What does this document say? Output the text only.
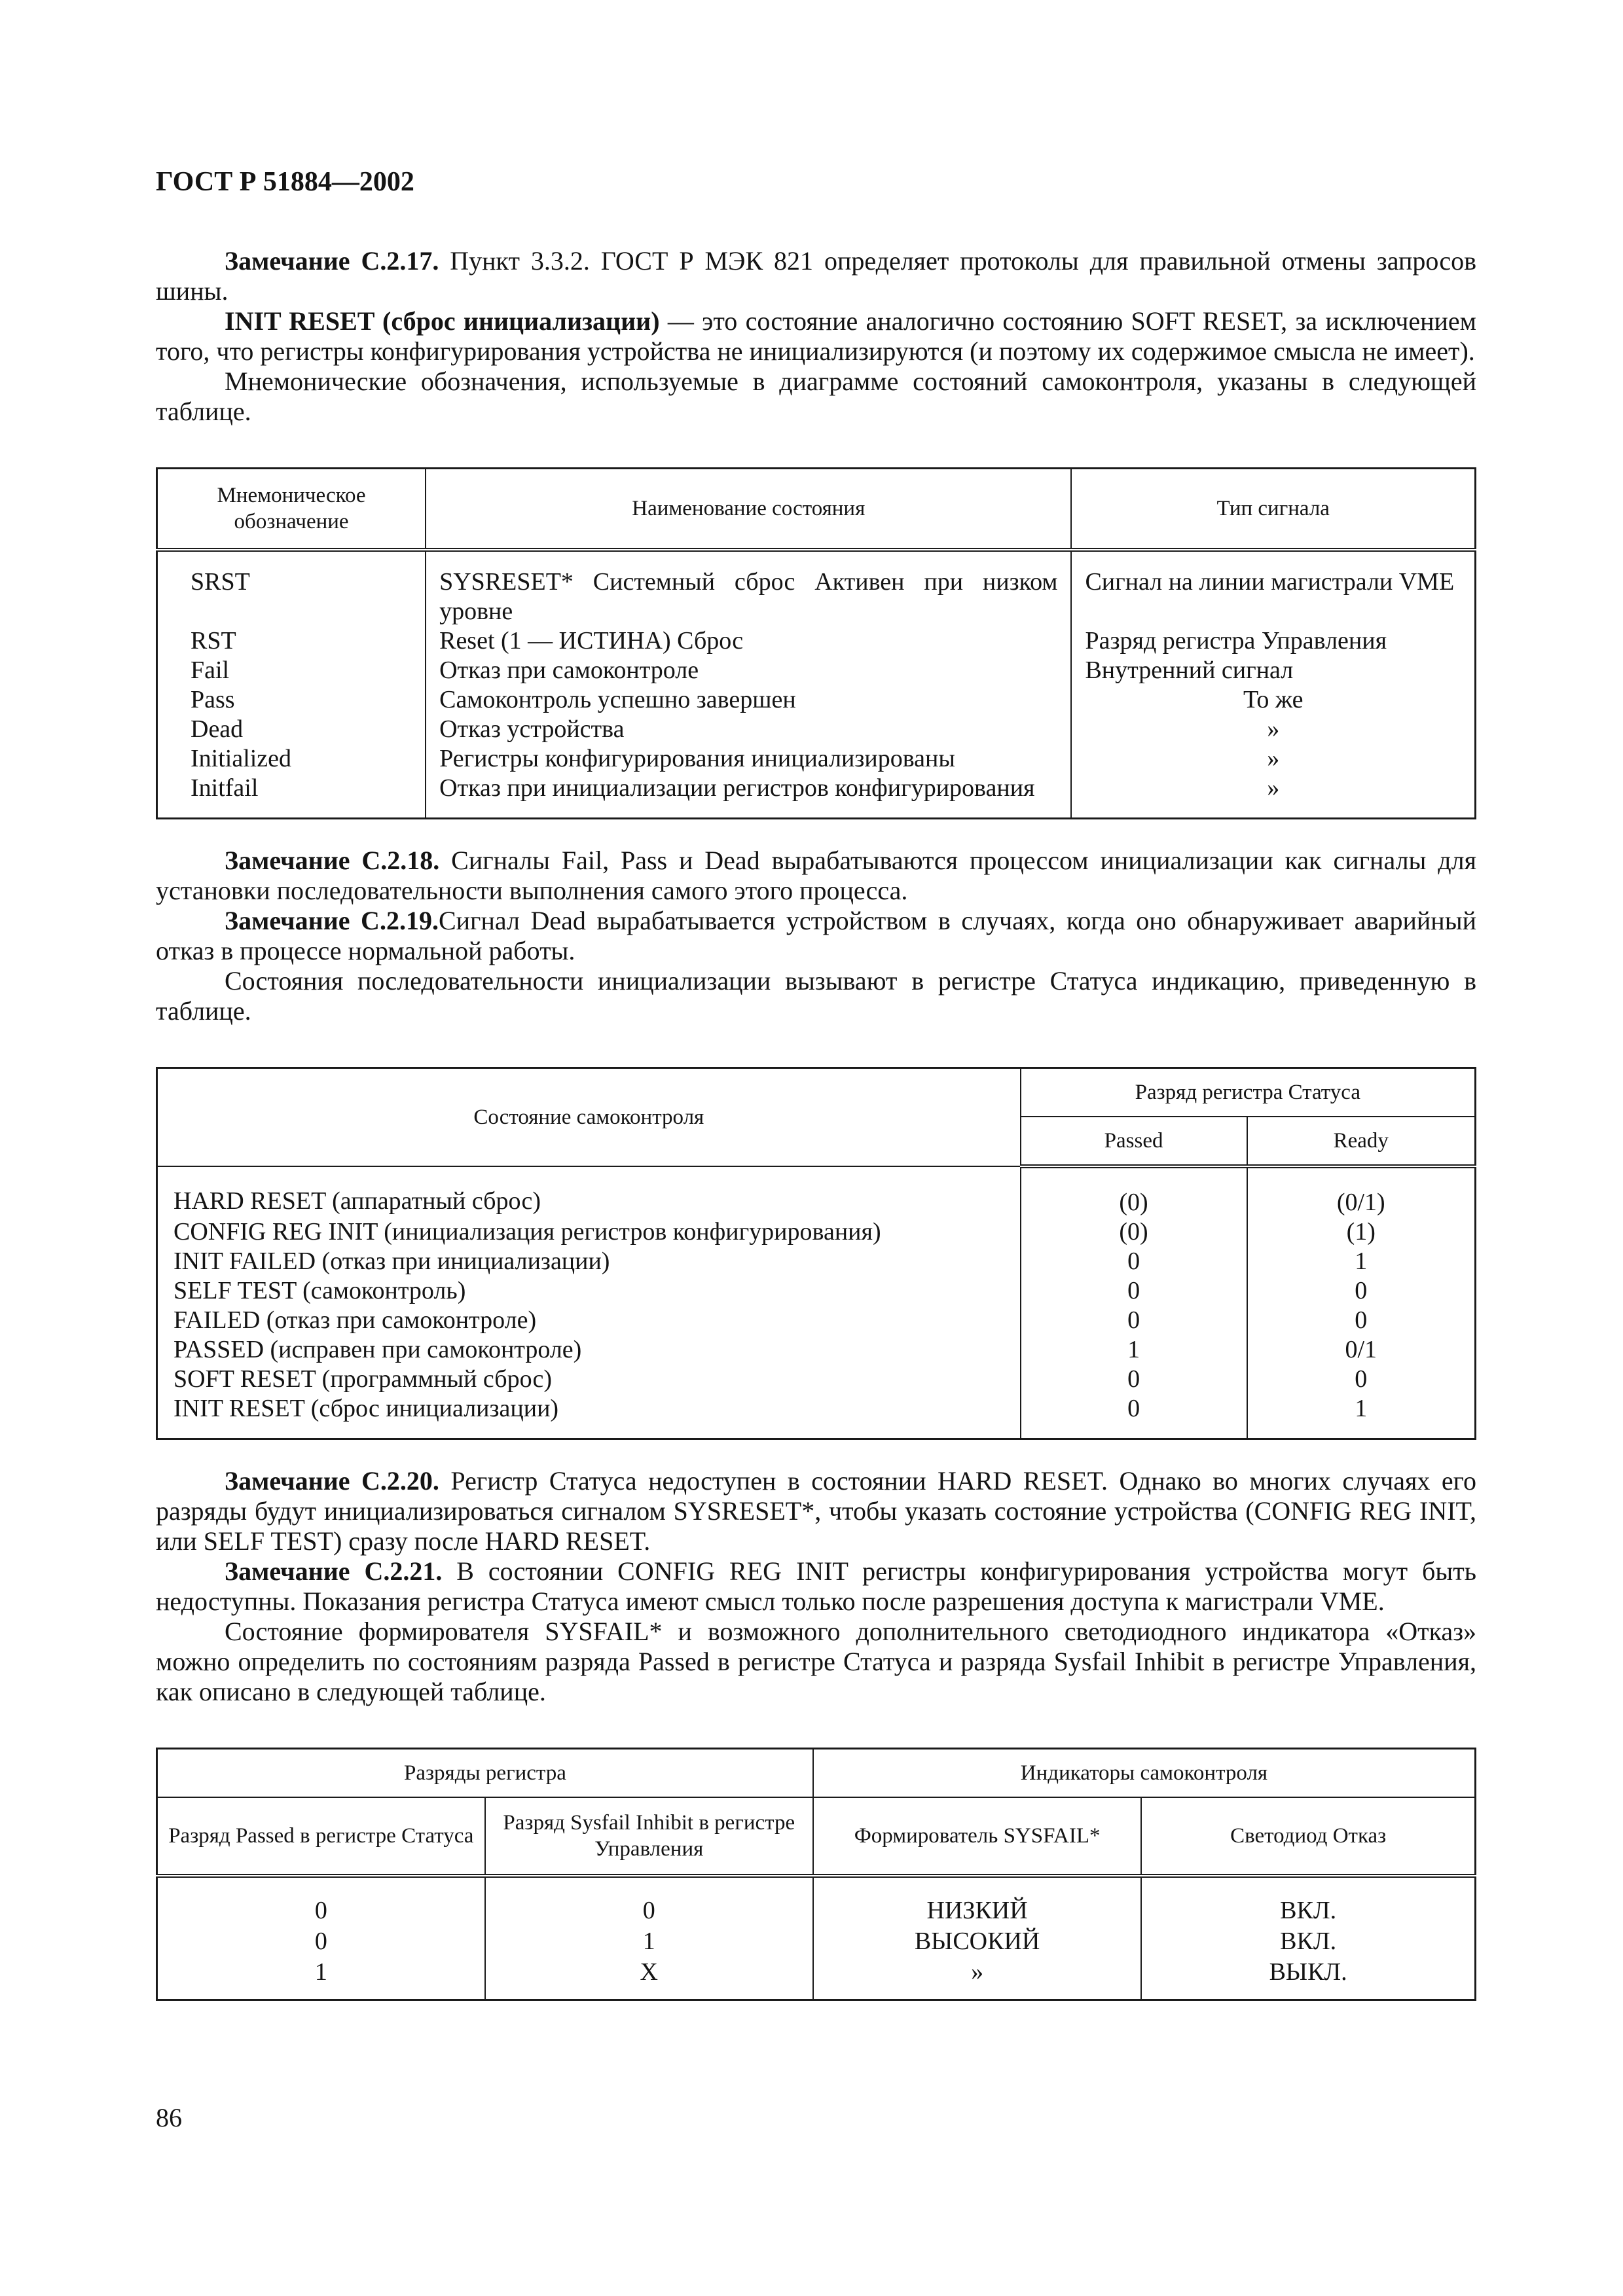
ГОСТ Р 51884—2002

Замечание С.2.17. Пункт 3.3.2. ГОСТ Р МЭК 821 определяет протоколы для правильной отмены запросов шины.

INIT RESET (сброс инициализации) — это состояние аналогично состоянию SOFT RESET, за исключением того, что регистры конфигурирования устройства не инициализируются (и поэтому их содержимое смысла не имеет).

Мнемонические обозначения, используемые в диаграмме состояний самоконтроля, указаны в следующей таблице.

Мнемоническое обозначение	Наименование состояния	Тип сигнала
SRST	SYSRESET* Системный сброс Активен при низком уровне	Сигнал на линии магистрали VME
RST	Reset (1 — ИСТИНА) Сброс	Разряд регистра Управления
Fail	Отказ при самоконтроле	Внутренний сигнал
Pass	Самоконтроль успешно завершен	То же
Dead	Отказ устройства	»
Initialized	Регистры конфигурирования инициализированы	»
Initfail	Отказ при инициализации регистров конфигурирования	»

Замечание С.2.18. Сигналы Fail, Pass и Dead вырабатываются процессом инициализации как сигналы для установки последовательности выполнения самого этого процесса.

Замечание С.2.19.Сигнал Dead вырабатывается устройством в случаях, когда оно обнаруживает аварийный отказ в процессе нормальной работы.

Состояния последовательности инициализации вызывают в регистре Статуса индикацию, приведенную в таблице.

Состояние самоконтроля	Разряд регистра Статуса	
	Passed	Ready
HARD RESET (аппаратный сброс)	(0)	(0/1)
CONFIG REG INIT (инициализация регистров конфигурирования)	(0)	(1)
INIT FAILED (отказ при инициализации)	0	1
SELF TEST (самоконтроль)	0	0
FAILED (отказ при самоконтроле)	0	0
PASSED (исправен при самоконтроле)	1	0/1
SOFT RESET (программный сброс)	0	0
INIT RESET (сброс инициализации)	0	1

Замечание С.2.20. Регистр Статуса недоступен в состоянии HARD RESET. Однако во многих случаях его разряды будут инициализироваться сигналом SYSRESET*, чтобы указать состояние устройства (CONFIG REG INIT, или SELF TEST) сразу после HARD RESET.

Замечание С.2.21. В состоянии CONFIG REG INIT регистры конфигурирования устройства могут быть недоступны. Показания регистра Статуса имеют смысл только после разрешения доступа к магистрали VME.

Состояние формирователя SYSFAIL* и возможного дополнительного светодиодного индикатора «Отказ» можно определить по состояниям разряда Passed в регистре Статуса и разряда Sysfail Inhibit в регистре Управления, как описано в следующей таблице.

Разряды регистра		Индикаторы самоконтроля	
Разряд Passed в регистре Статуса	Разряд Sysfail Inhibit в регистре Управления	Формирователь SYSFAIL*	Светодиод Отказ
0	0	НИЗКИЙ	ВКЛ.
0	1	ВЫСОКИЙ	ВКЛ.
1	X	»	ВЫКЛ.
86
